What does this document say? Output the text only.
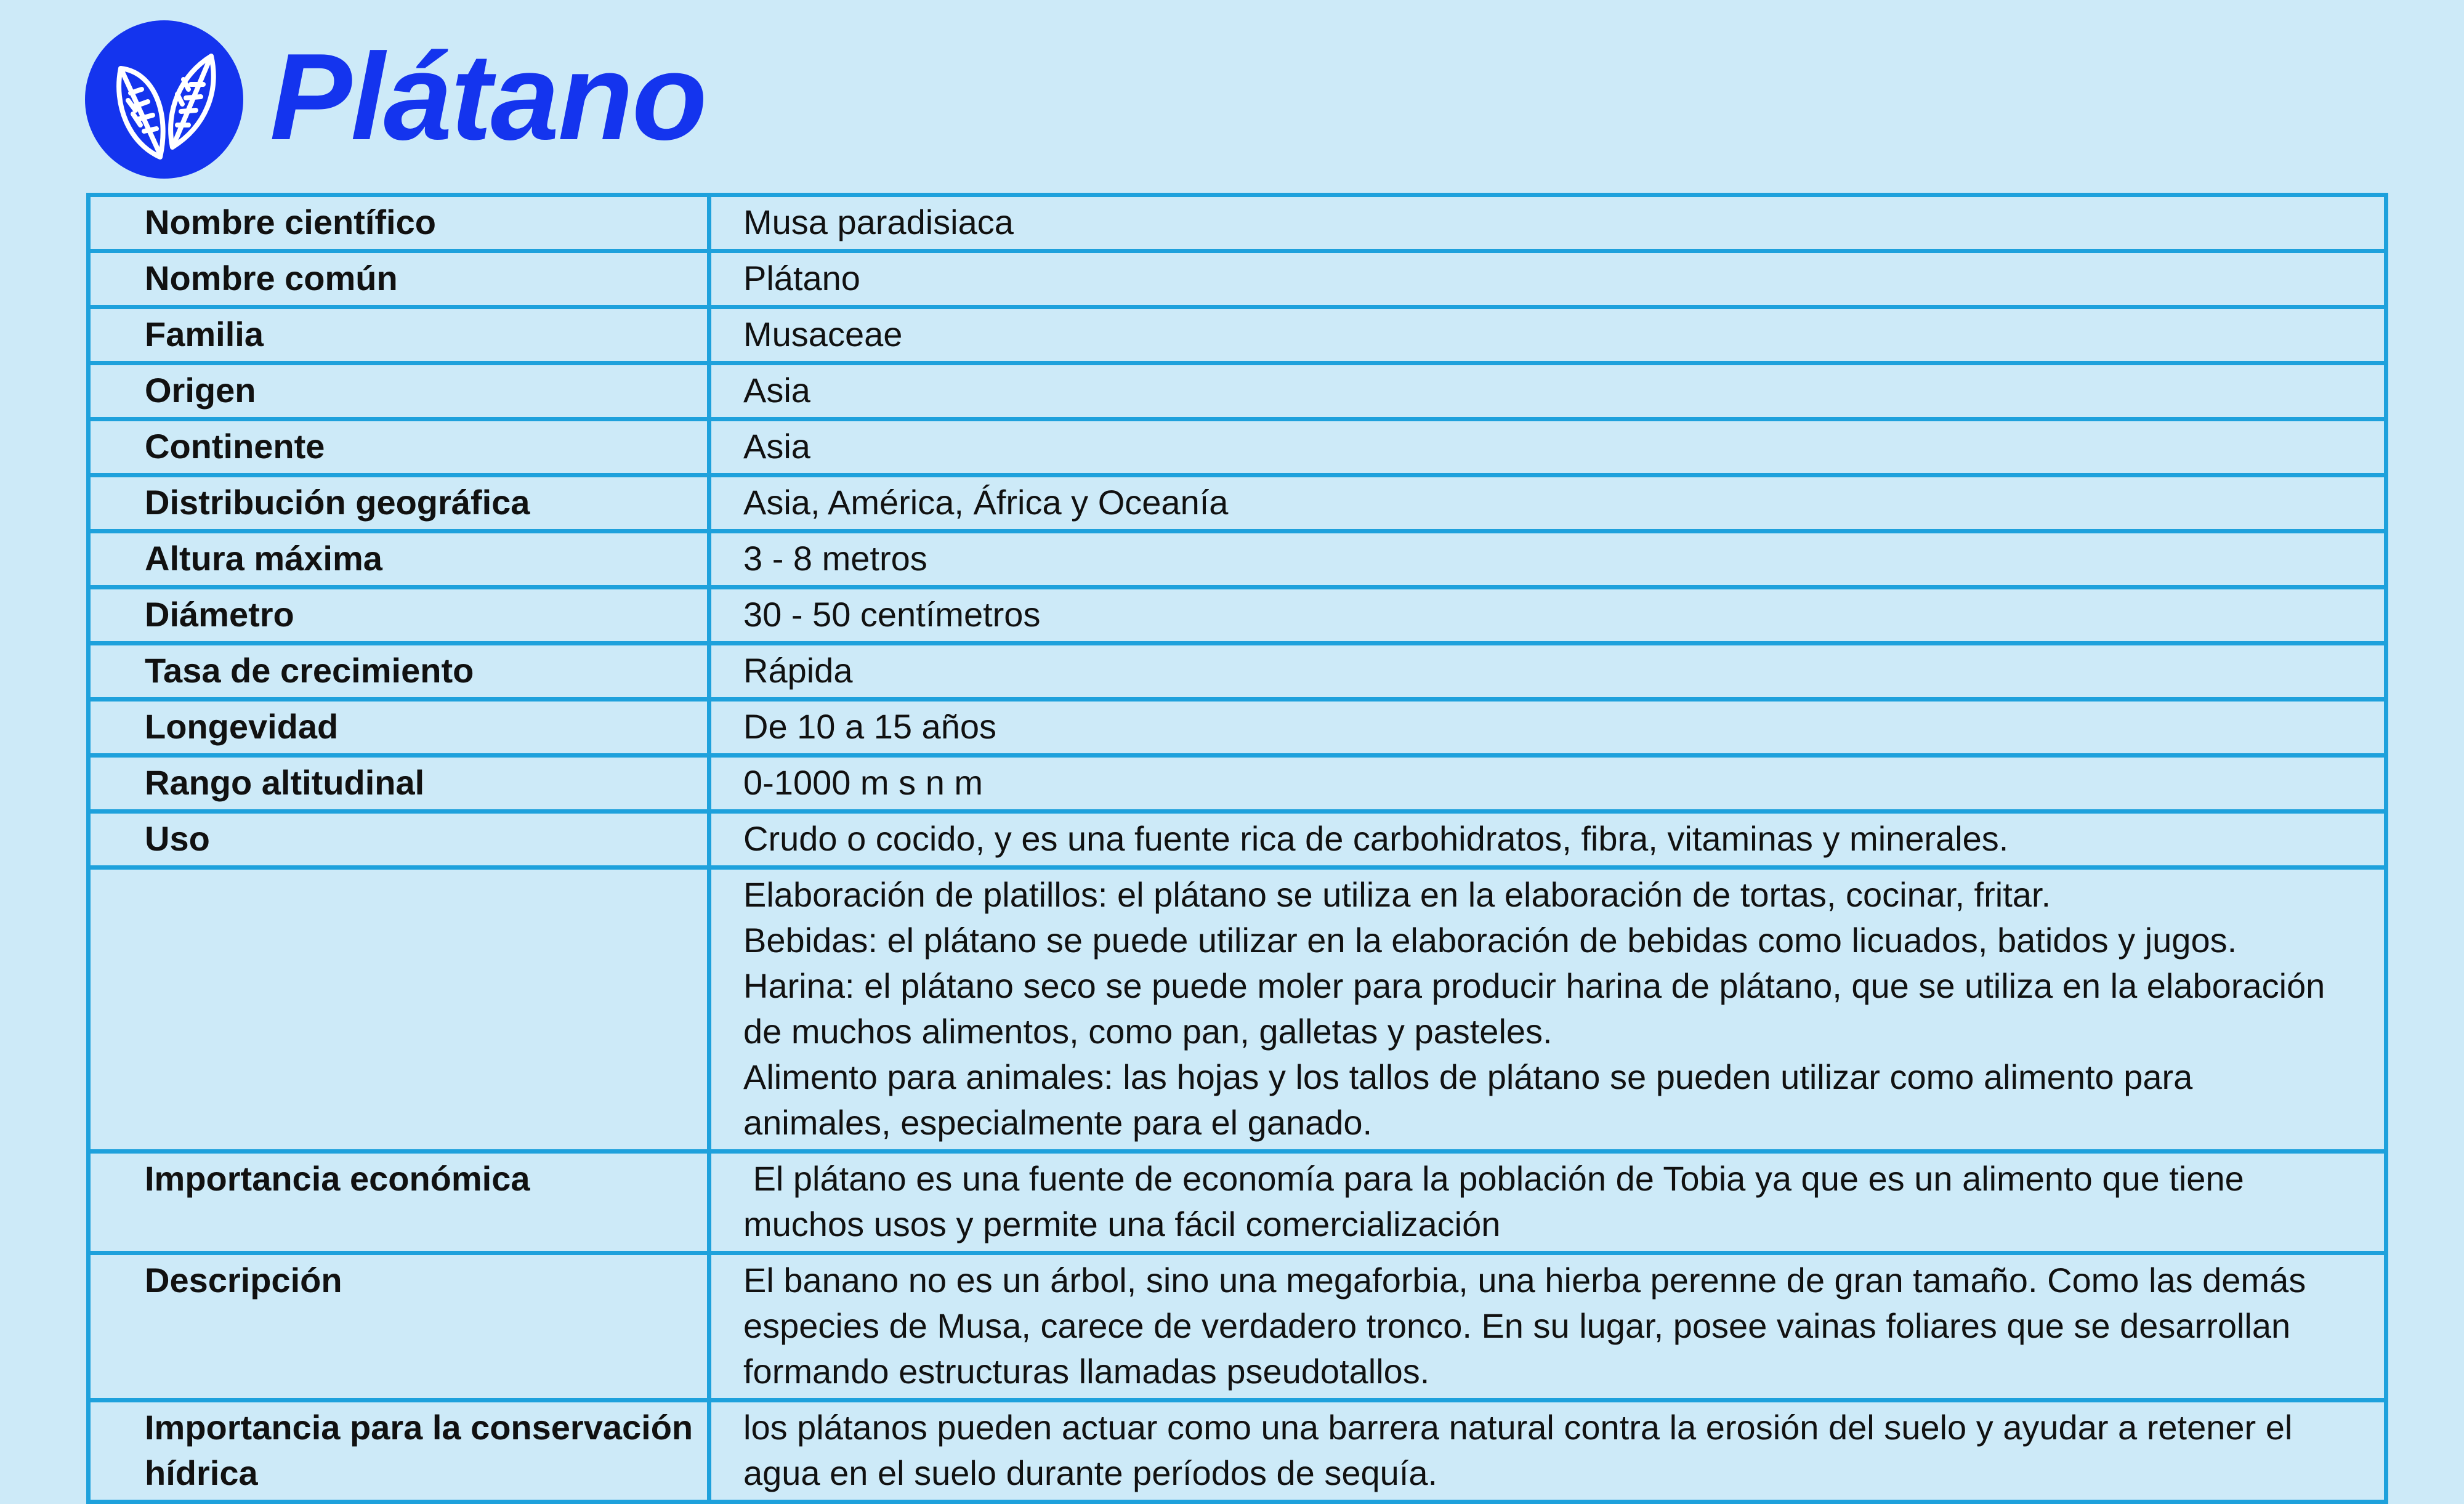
Plátano
Nombre científico	Musa paradisiaca
Nombre común	Plátano
Familia	Musaceae
Origen	Asia
Continente	Asia
Distribución geográfica	Asia, América, África y Oceanía
Altura máxima	3 - 8 metros
Diámetro	30 - 50 centímetros
Tasa de crecimiento	Rápida
Longevidad	De 10 a 15 años
Rango altitudinal	0-1000 m s n m
Uso	Crudo o cocido, y es una fuente rica de carbohidratos, fibra, vitaminas y minerales.

	Elaboración de platillos: el plátano se utiliza en la elaboración de tortas, cocinar, fritar.
Bebidas: el plátano se puede utilizar en la elaboración de bebidas como licuados, batidos y jugos.
Harina: el plátano seco se puede moler para producir harina de plátano, que se utiliza en la elaboración de muchos alimentos, como pan, galletas y pasteles.
Alimento para animales: las hojas y los tallos de plátano se pueden utilizar como alimento para animales, especialmente para el ganado.

Importancia económica	El plátano es una fuente de economía para la población de Tobia ya que es un alimento que tiene muchos usos y permite una fácil comercialización
Descripción	El banano no es un árbol, sino una megaforbia, una hierba perenne de gran tamaño. Como las demás especies de Musa, carece de verdadero tronco. En su lugar, posee vainas foliares que se desarrollan formando estructuras llamadas pseudotallos.
Importancia para la conservación hídrica	los plátanos pueden actuar como una barrera natural contra la erosión del suelo y ayudar a retener el agua en el suelo durante períodos de sequía.
